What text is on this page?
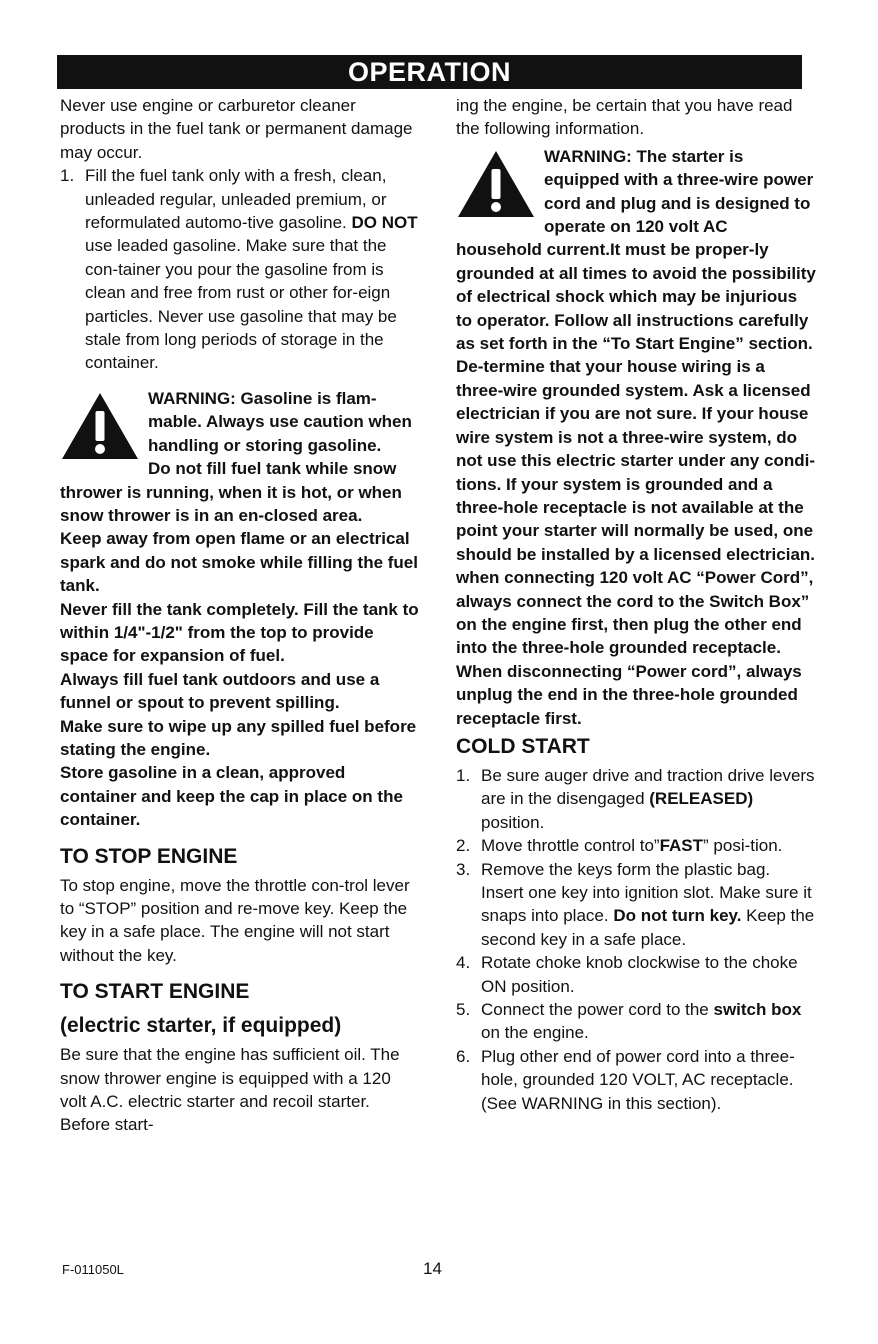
OPERATION

Never use engine or carburetor cleaner products in the fuel tank or permanent damage may occur.

1. Fill the fuel tank only with a fresh, clean, unleaded regular, unleaded premium, or reformulated automo-tive gasoline. DO NOT use leaded gasoline. Make sure that the con-tainer you pour the gasoline from is clean and free from rust or other for-eign particles. Never use gasoline that may be stale from long periods of storage in the container.
WARNING: Gasoline is flam-mable. Always use caution when handling or storing gasoline.

Do not fill fuel tank while snow thrower is running, when it is hot, or when snow thrower is in an en-closed area.

Keep away from open flame or an electrical spark and do not smoke while filling the fuel tank.

Never fill the tank completely. Fill the tank to within 1/4"-1/2" from the top to provide space for expansion of fuel.

Always fill fuel tank outdoors and use a funnel or spout to prevent spilling.

Make sure to wipe up any spilled fuel before stating the engine.

Store gasoline in a clean, approved container and keep the cap in place on the container.

TO STOP ENGINE

To stop engine, move the throttle con-trol lever to “STOP” position and re-move key. Keep the key in a safe place. The engine will not start without the key.

TO START ENGINE
(electric starter, if equipped)

Be sure that the engine has sufficient oil. The snow thrower engine is equipped with a 120 volt A.C. electric starter and recoil starter. Before start-

ing the engine, be certain that you have read the following information.

WARNING: The starter is equipped with a three-wire power cord and plug and is designed to operate on 120 volt AC household current.It must be proper-ly grounded at all times to avoid the possibility of electrical shock which may be injurious to operator. Follow all instructions carefully as set forth in the “To Start Engine” section. De-termine that your house wiring is a three-wire grounded system. Ask a licensed electrician if you are not sure. If your house wire system is not a three-wire system, do not use this electric starter under any condi-tions. If your system is grounded and a three-hole receptacle is not available at the point your starter will normally be used, one should be installed by a licensed electrician. when connecting 120 volt AC “Power Cord”, always connect the cord to the Switch Box” on the engine first, then plug the other end into the three-hole grounded receptacle. When disconnecting “Power cord”, always unplug the end in the three-hole grounded receptacle first.
COLD START
1. Be sure auger drive and traction drive levers are in the disengaged (RELEASED) position.
2. Move throttle control to”FAST” posi-tion.
3. Remove the keys form the plastic bag. Insert one key into ignition slot. Make sure it snaps into place. Do not turn key. Keep the second key in a safe place.
4. Rotate choke knob clockwise to the choke ON position.
5. Connect the power cord to the switch box on the engine.
6. Plug other end of power cord into a three-hole, grounded 120 VOLT, AC receptacle. (See WARNING in this section).
F-011050L	14
